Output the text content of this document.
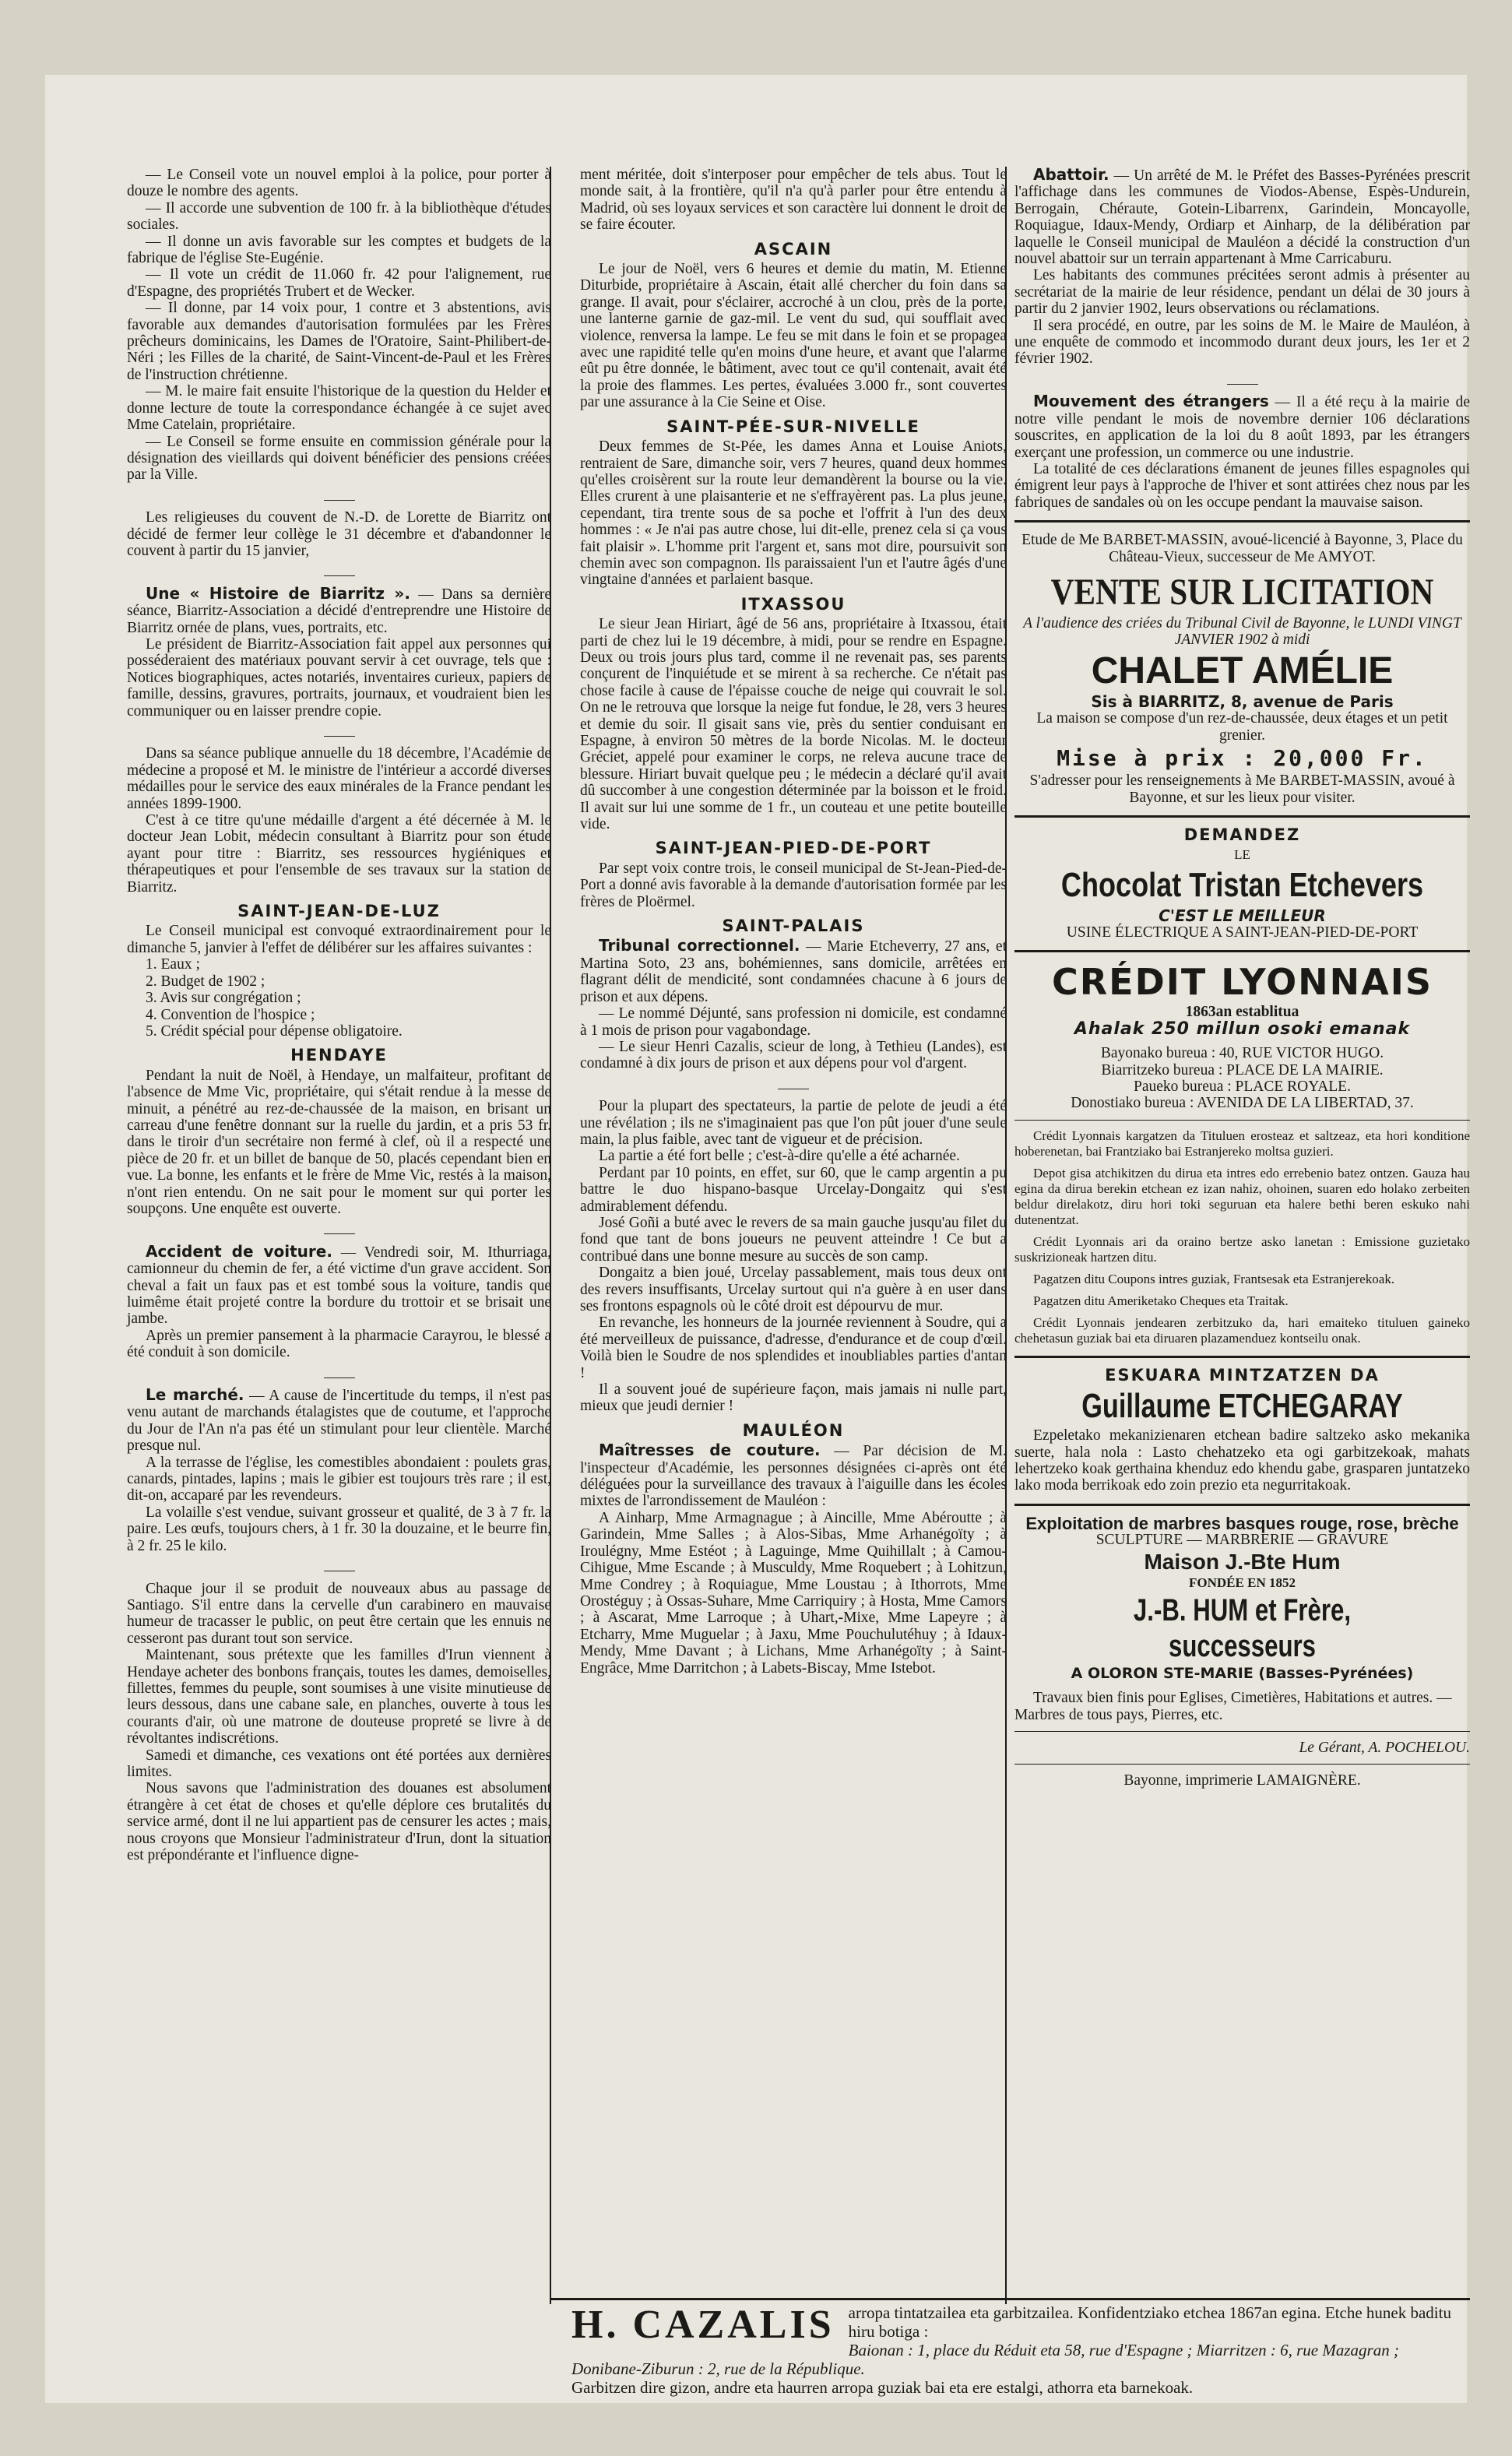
— Le Conseil vote un nouvel emploi à la police, pour porter à douze le nombre des agents.

— Il accorde une subvention de 100 fr. à la bibliothèque d'études sociales.

— Il donne un avis favorable sur les comptes et budgets de la fabrique de l'église Ste-Eugénie.

— Il vote un crédit de 11.060 fr. 42 pour l'alignement, rue d'Espagne, des propriétés Trubert et de Wecker.

— Il donne, par 14 voix pour, 1 contre et 3 abstentions, avis favorable aux demandes d'autorisation formulées par les Frères prêcheurs dominicains, les Dames de l'Oratoire, Saint-Philibert-de-Néri ; les Filles de la charité, de Saint-Vincent-de-Paul et les Frères de l'instruction chrétienne.

— M. le maire fait ensuite l'historique de la question du Helder et donne lecture de toute la correspondance échangée à ce sujet avec Mme Catelain, propriétaire.

— Le Conseil se forme ensuite en commission générale pour la désignation des vieillards qui doivent bénéficier des pensions créées par la Ville.

Les religieuses du couvent de N.-D. de Lorette de Biarritz ont décidé de fermer leur collège le 31 décembre et d'abandonner le couvent à partir du 15 janvier,

Une « Histoire de Biarritz ». — Dans sa dernière séance, Biarritz-Association a décidé d'entreprendre une Histoire de Biarritz ornée de plans, vues, portraits, etc.

Le président de Biarritz-Association fait appel aux personnes qui posséderaient des matériaux pouvant servir à cet ouvrage, tels que : Notices biographiques, actes notariés, inventaires curieux, papiers de famille, dessins, gravures, portraits, journaux, et voudraient bien les communiquer ou en laisser prendre copie.

Dans sa séance publique annuelle du 18 décembre, l'Académie de médecine a proposé et M. le ministre de l'intérieur a accordé diverses médailles pour le service des eaux minérales de la France pendant les années 1899-1900.

C'est à ce titre qu'une médaille d'argent a été décernée à M. le docteur Jean Lobit, médecin consultant à Biarritz pour son étude ayant pour titre : Biarritz, ses ressources hygiéniques et thérapeutiques et pour l'ensemble de ses travaux sur la station de Biarritz.

SAINT-JEAN-DE-LUZ

Le Conseil municipal est convoqué extraordinairement pour le dimanche 5, janvier à l'effet de délibérer sur les affaires suivantes :

1. Eaux ;

2. Budget de 1902 ;

3. Avis sur congrégation ;

4. Convention de l'hospice ;

5. Crédit spécial pour dépense obligatoire.

HENDAYE

Pendant la nuit de Noël, à Hendaye, un malfaiteur, profitant de l'absence de Mme Vic, propriétaire, qui s'était rendue à la messe de minuit, a pénétré au rez-de-chaussée de la maison, en brisant un carreau d'une fenêtre donnant sur la ruelle du jardin, et a pris 53 fr. dans le tiroir d'un secrétaire non fermé à clef, où il a respecté une pièce de 20 fr. et un billet de banque de 50, placés cependant bien en vue. La bonne, les enfants et le frère de Mme Vic, restés à la maison, n'ont rien entendu. On ne sait pour le moment sur qui porter les soupçons. Une enquête est ouverte.

Accident de voiture. — Vendredi soir, M. Ithurriaga, camionneur du chemin de fer, a été victime d'un grave accident. Son cheval a fait un faux pas et est tombé sous la voiture, tandis que luimême était projeté contre la bordure du trottoir et se brisait une jambe.

Après un premier pansement à la pharmacie Carayrou, le blessé a été conduit à son domicile.

Le marché. — A cause de l'incertitude du temps, il n'est pas venu autant de marchands étalagistes que de coutume, et l'approche du Jour de l'An n'a pas été un stimulant pour leur clientèle. Marché presque nul.

A la terrasse de l'église, les comestibles abondaient : poulets gras, canards, pintades, lapins ; mais le gibier est toujours très rare ; il est, dit-on, accaparé par les revendeurs.

La volaille s'est vendue, suivant grosseur et qualité, de 3 à 7 fr. la paire. Les œufs, toujours chers, à 1 fr. 30 la douzaine, et le beurre fin, à 2 fr. 25 le kilo.

Chaque jour il se produit de nouveaux abus au passage de Santiago. S'il entre dans la cervelle d'un carabinero en mauvaise humeur de tracasser le public, on peut être certain que les ennuis ne cesseront pas durant tout son service.

Maintenant, sous prétexte que les familles d'Irun viennent à Hendaye acheter des bonbons français, toutes les dames, demoiselles, fillettes, femmes du peuple, sont soumises à une visite minutieuse de leurs dessous, dans une cabane sale, en planches, ouverte à tous les courants d'air, où une matrone de douteuse propreté se livre à de révoltantes indiscrétions.

Samedi et dimanche, ces vexations ont été portées aux dernières limites.

Nous savons que l'administration des douanes est absolument étrangère à cet état de choses et qu'elle déplore ces brutalités du service armé, dont il ne lui appartient pas de censurer les actes ; mais, nous croyons que Monsieur l'administrateur d'Irun, dont la situation est prépondérante et l'influence digne-

ment méritée, doit s'interposer pour empêcher de tels abus. Tout le monde sait, à la frontière, qu'il n'a qu'à parler pour être entendu à Madrid, où ses loyaux services et son caractère lui donnent le droit de se faire écouter.

ASCAIN

Le jour de Noël, vers 6 heures et demie du matin, M. Etienne Diturbide, propriétaire à Ascain, était allé chercher du foin dans sa grange. Il avait, pour s'éclairer, accroché à un clou, près de la porte, une lanterne garnie de gaz-mil. Le vent du sud, qui soufflait avec violence, renversa la lampe. Le feu se mit dans le foin et se propagea avec une rapidité telle qu'en moins d'une heure, et avant que l'alarme eût pu être donnée, le bâtiment, avec tout ce qu'il contenait, avait été la proie des flammes. Les pertes, évaluées 3.000 fr., sont couvertes par une assurance à la Cie Seine et Oise.

SAINT-PÉE-SUR-NIVELLE

Deux femmes de St-Pée, les dames Anna et Louise Aniots, rentraient de Sare, dimanche soir, vers 7 heures, quand deux hommes qu'elles croisèrent sur la route leur demandèrent la bourse ou la vie. Elles crurent à une plaisanterie et ne s'effrayèrent pas. La plus jeune, cependant, tira trente sous de sa poche et l'offrit à l'un des deux hommes : « Je n'ai pas autre chose, lui dit-elle, prenez cela si ça vous fait plaisir ». L'homme prit l'argent et, sans mot dire, poursuivit son chemin avec son compagnon. Ils paraissaient l'un et l'autre âgés d'une vingtaine d'années et parlaient basque.

ITXASSOU

Le sieur Jean Hiriart, âgé de 56 ans, propriétaire à Itxassou, était parti de chez lui le 19 décembre, à midi, pour se rendre en Espagne. Deux ou trois jours plus tard, comme il ne revenait pas, ses parents conçurent de l'inquiétude et se mirent à sa recherche. Ce n'était pas chose facile à cause de l'épaisse couche de neige qui couvrait le sol. On ne le retrouva que lorsque la neige fut fondue, le 28, vers 3 heures et demie du soir. Il gisait sans vie, près du sentier conduisant en Espagne, à environ 50 mètres de la borde Nicolas. M. le docteur Gréciet, appelé pour examiner le corps, ne releva aucune trace de blessure. Hiriart buvait quelque peu ; le médecin a déclaré qu'il avait dû succomber à une congestion déterminée par la boisson et le froid. Il avait sur lui une somme de 1 fr., un couteau et une petite bouteille vide.

SAINT-JEAN-PIED-DE-PORT

Par sept voix contre trois, le conseil municipal de St-Jean-Pied-de-Port a donné avis favorable à la demande d'autorisation formée par les frères de Ploërmel.

SAINT-PALAIS

Tribunal correctionnel. — Marie Etcheverry, 27 ans, et Martina Soto, 23 ans, bohémiennes, sans domicile, arrêtées en flagrant délit de mendicité, sont condamnées chacune à 6 jours de prison et aux dépens.

— Le nommé Déjunté, sans profession ni domicile, est condamné à 1 mois de prison pour vagabondage.

— Le sieur Henri Cazalis, scieur de long, à Tethieu (Landes), est condamné à dix jours de prison et aux dépens pour vol d'argent.

Pour la plupart des spectateurs, la partie de pelote de jeudi a été une révélation ; ils ne s'imaginaient pas que l'on pût jouer d'une seule main, la plus faible, avec tant de vigueur et de précision.

La partie a été fort belle ; c'est-à-dire qu'elle a été acharnée.

Perdant par 10 points, en effet, sur 60, que le camp argentin a pu battre le duo hispano-basque Urcelay-Dongaitz qui s'est admirablement défendu.

José Goñi a buté avec le revers de sa main gauche jusqu'au filet du fond que tant de bons joueurs ne peuvent atteindre ! Ce but a contribué dans une bonne mesure au succès de son camp.

Dongaitz a bien joué, Urcelay passablement, mais tous deux ont des revers insuffisants, Urcelay surtout qui n'a guère à en user dans ses frontons espagnols où le côté droit est dépourvu de mur.

En revanche, les honneurs de la journée reviennent à Soudre, qui a été merveilleux de puissance, d'adresse, d'endurance et de coup d'œil. Voilà bien le Soudre de nos splendides et inoubliables parties d'antan !

Il a souvent joué de supérieure façon, mais jamais ni nulle part, mieux que jeudi dernier !

MAULÉON

Maîtresses de couture. — Par décision de M. l'inspecteur d'Académie, les personnes désignées ci-après ont été déléguées pour la surveillance des travaux à l'aiguille dans les écoles mixtes de l'arrondissement de Mauléon :

A Ainharp, Mme Armagnague ; à Aincille, Mme Abéroutte ; à Garindein, Mme Salles ; à Alos-Sibas, Mme Arhanégoïty ; à Iroulégny, Mme Estéot ; à Laguinge, Mme Quihillalt ; à Camou-Cihigue, Mme Escande ; à Musculdy, Mme Roquebert ; à Lohitzun, Mme Condrey ; à Roquiague, Mme Loustau ; à Ithorrots, Mme Orostéguy ; à Ossas-Suhare, Mme Carriquiry ; à Hosta, Mme Camors ; à Ascarat, Mme Larroque ; à Uhart,-Mixe, Mme Lapeyre ; à Etcharry, Mme Muguelar ; à Jaxu, Mme Pouchulutéhuy ; à Idaux-Mendy, Mme Davant ; à Lichans, Mme Arhanégoïty ; à Saint-Engrâce, Mme Darritchon ; à Labets-Biscay, Mme Istebot.

Abattoir. — Un arrêté de M. le Préfet des Basses-Pyrénées prescrit l'affichage dans les communes de Viodos-Abense, Espès-Undurein, Berrogain, Chéraute, Gotein-Libarrenx, Garindein, Moncayolle, Roquiague, Idaux-Mendy, Ordiarp et Ainharp, de la délibération par laquelle le Conseil municipal de Mauléon a décidé la construction d'un nouvel abattoir sur un terrain appartenant à Mme Carricaburu.

Les habitants des communes précitées seront admis à présenter au secrétariat de la mairie de leur résidence, pendant un délai de 30 jours à partir du 2 janvier 1902, leurs observations ou réclamations.

Il sera procédé, en outre, par les soins de M. le Maire de Mauléon, à une enquête de commodo et incommodo durant deux jours, les 1er et 2 février 1902.

Mouvement des étrangers — Il a été reçu à la mairie de notre ville pendant le mois de novembre dernier 106 déclarations souscrites, en application de la loi du 8 août 1893, par les étrangers exerçant une profession, un commerce ou une industrie.

La totalité de ces déclarations émanent de jeunes filles espagnoles qui émigrent leur pays à l'approche de l'hiver et sont attirées chez nous par les fabriques de sandales où on les occupe pendant la mauvaise saison.

Etude de Me BARBET-MASSIN, avoué-licencié à Bayonne, 3, Place du Château-Vieux, successeur de Me AMYOT.

VENTE SUR LICITATION

A l'audience des criées du Tribunal Civil de Bayonne, le LUNDI VINGT JANVIER 1902 à midi

CHALET AMÉLIE

Sis à BIARRITZ, 8, avenue de Paris

La maison se compose d'un rez-de-chaussée, deux étages et un petit grenier.

Mise à prix : 20,000 Fr.

S'adresser pour les renseignements à Me BARBET-MASSIN, avoué à Bayonne, et sur les lieux pour visiter.

DEMANDEZ
LE
Chocolat Tristan Etchevers
C'EST LE MEILLEUR
USINE ÉLECTRIQUE A SAINT-JEAN-PIED-DE-PORT
CRÉDIT LYONNAIS
1863an establitua
Ahalak 250 millun osoki emanak
Bayonako bureua : 40, RUE VICTOR HUGO.
Biarritzeko bureua : PLACE DE LA MAIRIE.
Paueko bureua : PLACE ROYALE.
Donostiako bureua : AVENIDA DE LA LIBERTAD, 37.

Crédit Lyonnais kargatzen da Tituluen erosteaz et saltzeaz, eta hori konditione hoberenetan, bai Frantziako bai Estranjereko moltsa guzieri.

Depot gisa atchikitzen du dirua eta intres edo errebenio batez ontzen. Gauza hau egina da dirua berekin etchean ez izan nahiz, ohoinen, suaren edo holako zerbeiten beldur direlakotz, diru hori toki seguruan eta halere bethi beren eskuko nahi dutenentzat.

Crédit Lyonnais ari da oraino bertze asko lanetan : Emissione guzietako suskrizioneak hartzen ditu.

Pagatzen ditu Coupons intres guziak, Frantsesak eta Estranjerekoak.

Pagatzen ditu Ameriketako Cheques eta Traitak.

Crédit Lyonnais jendearen zerbitzuko da, hari emaiteko tituluen gaineko chehetasun guziak bai eta diruaren plazamenduez kontseilu onak.

ESKUARA MINTZATZEN DA
Guillaume ETCHEGARAY

Ezpeletako mekanizienaren etchean badire saltzeko asko mekanika suerte, hala nola : Lasto chehatzeko eta ogi garbitzekoak, mahats lehertzeko koak gerthaina khenduz edo khendu gabe, grasparen juntatzeko lako moda berrikoak edo zoin prezio eta negurritakoak.

Exploitation de marbres basques rouge, rose, brèche
SCULPTURE — MARBRERIE — GRAVURE
Maison J.-Bte Hum
FONDÉE EN 1852
J.-B. HUM et Frère, successeurs
A OLORON STE-MARIE (Basses-Pyrénées)

Travaux bien finis pour Eglises, Cimetières, Habitations et autres. — Marbres de tous pays, Pierres, etc.

Le Gérant, A. POCHELOU.

Bayonne, imprimerie LAMAIGNÈRE.

H. CAZALIS arropa tintatzailea eta garbitzailea. Konfidentziako etchea 1867an egina. Etche hunek baditu hiru botiga :
Baionan : 1, place du Réduit eta 58, rue d'Espagne ; Miarritzen : 6, rue Mazagran ; Donibane-Ziburun : 2, rue de la République.
Garbitzen dire gizon, andre eta haurren arropa guziak bai eta ere estalgi, athorra eta barnekoak.
